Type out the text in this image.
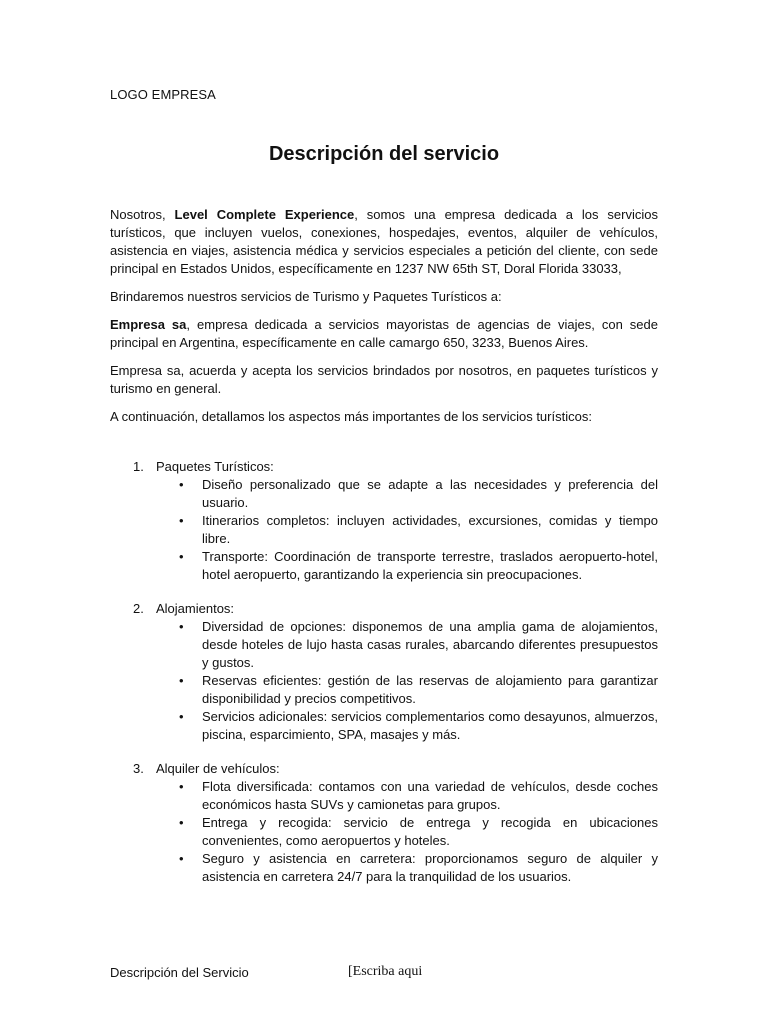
LOGO EMPRESA
Descripción del servicio

Nosotros, Level Complete Experience, somos una empresa dedicada a los servicios turísticos, que incluyen vuelos, conexiones, hospedajes, eventos, alquiler de vehículos, asistencia en viajes, asistencia médica y servicios especiales a petición del cliente, con sede principal en Estados Unidos, específicamente en 1237 NW 65th ST, Doral Florida 33033,

Brindaremos nuestros servicios de Turismo y Paquetes Turísticos a:

Empresa sa, empresa dedicada a servicios mayoristas de agencias de viajes, con sede principal en Argentina, específicamente en calle camargo 650, 3233, Buenos Aires.

Empresa sa, acuerda y acepta los servicios brindados por nosotros, en paquetes turísticos y turismo en general.

A continuación, detallamos los aspectos más importantes de los servicios turísticos:

1. Paquetes Turísticos:
• Diseño personalizado que se adapte a las necesidades y preferencia del usuario.
• Itinerarios completos: incluyen actividades, excursiones, comidas y tiempo libre.
• Transporte: Coordinación de transporte terrestre, traslados aeropuerto-hotel, hotel aeropuerto, garantizando la experiencia sin preocupaciones.
2. Alojamientos:
• Diversidad de opciones: disponemos de una amplia gama de alojamientos, desde hoteles de lujo hasta casas rurales, abarcando diferentes presupuestos y gustos.
• Reservas eficientes: gestión de las reservas de alojamiento para garantizar disponibilidad y precios competitivos.
• Servicios adicionales: servicios complementarios como desayunos, almuerzos, piscina, esparcimiento, SPA, masajes y más.
3. Alquiler de vehículos:
• Flota diversificada: contamos con una variedad de vehículos, desde coches económicos hasta SUVs y camionetas para grupos.
• Entrega y recogida: servicio de entrega y recogida en ubicaciones convenientes, como aeropuertos y hoteles.
• Seguro y asistencia en carretera: proporcionamos seguro de alquiler y asistencia en carretera 24/7 para la tranquilidad de los usuarios.
Descripción del Servicio	[Escriba aqui
